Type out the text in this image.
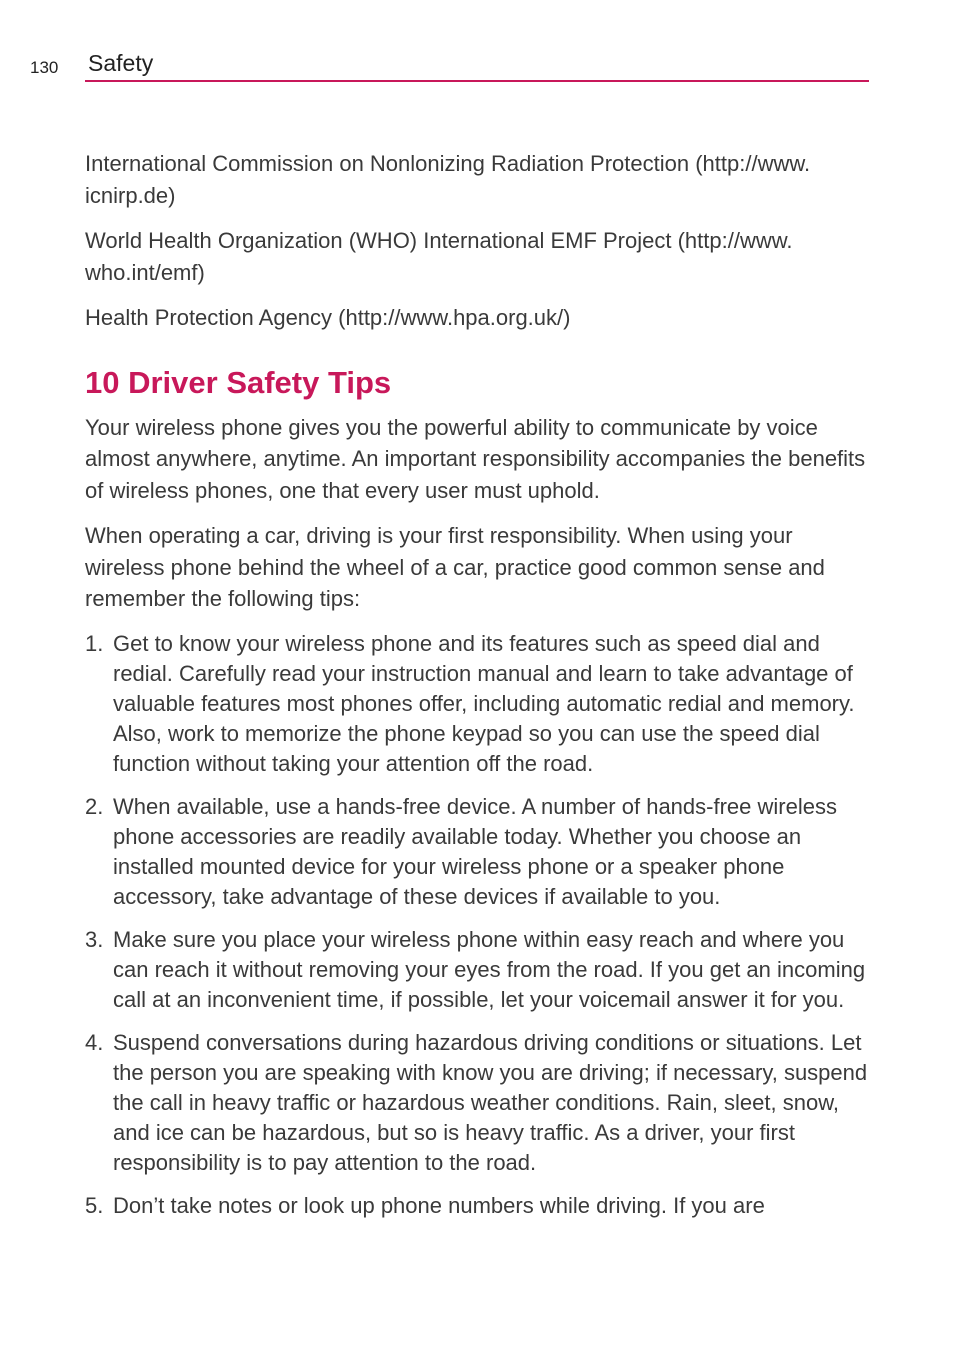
130 Safety

International Commission on Nonlonizing Radiation Protection (http://www. icnirp.de)

World Health Organization (WHO) International EMF Project (http://www. who.int/emf)

Health Protection Agency (http://www.hpa.org.uk/)

10 Driver Safety Tips

Your wireless phone gives you the powerful ability to communicate by voice almost anywhere, anytime. An important responsibility accompanies the benefits of wireless phones, one that every user must uphold.

When operating a car, driving is your first responsibility. When using your wireless phone behind the wheel of a car, practice good common sense and remember the following tips:

1. Get to know your wireless phone and its features such as speed dial and redial. Carefully read your instruction manual and learn to take advantage of valuable features most phones offer, including automatic redial and memory. Also, work to memorize the phone keypad so you can use the speed dial function without taking your attention off the road.
2. When available, use a hands-free device. A number of hands-free wireless phone accessories are readily available today. Whether you choose an installed mounted device for your wireless phone or a speaker phone accessory, take advantage of these devices if available to you.
3. Make sure you place your wireless phone within easy reach and where you can reach it without removing your eyes from the road. If you get an incoming call at an inconvenient time, if possible, let your voicemail answer it for you.
4. Suspend conversations during hazardous driving conditions or situations. Let the person you are speaking with know you are driving; if necessary, suspend the call in heavy traffic or hazardous weather conditions. Rain, sleet, snow, and ice can be hazardous, but so is heavy traffic. As a driver, your first responsibility is to pay attention to the road.
5. Don’t take notes or look up phone numbers while driving. If you are
